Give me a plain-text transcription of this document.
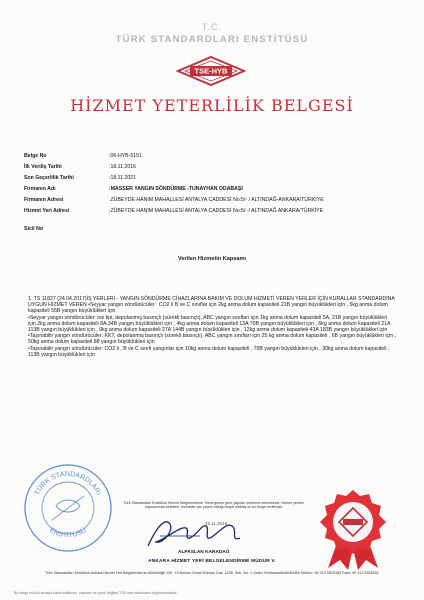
T.C.
TÜRK STANDARDLARI ENSTİTÜSÜ
TSE-HYB
HİZMET YETERLİLİK BELGESİ
Belge No	:06-HYB-5151
İlk Veriliş Tarihi	:18.11.2016
Son Geçerlilik Tarihi	:18.11.2021
Firmanın Adı	:MASSER YANGIN SÖNDÜRME -TUNAYHAN ODABAŞI
Firmanın Adresi	:ZÜBEYDE HANIM MAHALLESİ ANTALYA CADDESİ No:5/- / ALTINDAĞ-ANKARA/TÜRKİYE
Hizmet Yeri Adresi	:ZÜBEYDE HANIM MAHALLESİ ANTALYA CADDESİ No:5/- / ALTINDAĞ ANKARA/TÜRKİYE
Sicil No
Verilen Hizmetin Kapsamı

1. TS 11827 (24.04.2017)İŞ YERLERİ - YANGIN SÖNDÜRME CİHAZLARINA BAKIM VE DOLUM HİZMETİ VEREN YERLER İÇİN KURALLAR STANDARDINA UYGUN HİZMET VEREN •Seyyar yangın söndürücüler : CO2 li B ve C sınıflar için 2kg anma dolum kapasiteli 21B yangın büyüklükleri için , 5kg anma dolum kapasiteli 55B yangın büyüklükleri için

•Seyyar yangın söndürücüler: toz tipi, depolanmış basınçlı (sürekli basınçlı), ABC yangın sınıfları için 1kg anma dolum kapasiteli 5A, 21B yangın büyüklükleri için 2kg anma dolum kapasiteli 8A,34B yangın büyüklükleri için , 4kg anma dolum kapasiteli 13A 70B yangın büyüklükleri için , 6kg anma dolum kapasiteli 21A 113B yangın büyüklükleri için , 9kg anma dolum kapasiteli 27A 144B yangın büyüklükleri için , 12kg anma dolum kapasiteli 43A 183B yangın büyüklükleri için

•Taşınabilir yangın söndürücüler: KKT, depolanmış basınçlı (sürekli basınçlı), ABC yangın sınıfları için 25 kg anma dolum kapasiteli , 6B yangın büyüklükleri için , 50kg anma dolum kapasiteli 88 yangın büyüklükleri için

•Taşınabilir yangın söndürücüler: CO2 li , B ve C sınıfı yangınlar için 10kg anma dolum kapasiteli , 70B yangın büyüklükleri için , 30kg anma dolum kapasiteli , 113B yangın büyüklükleri için

TÜRK STANDARDLARI
ENSTİTÜSÜ
Türk Standardları Enstitüsü Hizmet Belgelendirme Yönergesine göre yapılan inceleme neticesinde, hizmet yerinin, kapsamında belirtilen, hizmetler için yeterli olduğu tespit edilmiş ve bu belge verilmiştir.
15.11.2016
ALPASLAN KARADAĞ
ANKARA HİZMET YERİ BELGELENDİRME MÜDÜR V.
Türk Standardları Enstitüsü Ankara Hizmet Yeri Belgelendirme Müdürlüğü 100. Yıl Bulvarı Cevat Dündar Cad. 1236. Sok. No: 1 Ostim Yenimahalle/ANKARA Telefon: 90 312 5925183 Faks: 90 312 5925182
Bu belge hukuki amaçla kabul edilemez, kapsam ve içerik bilgileri TSE web sitesinden doğrulanmalıdır.
